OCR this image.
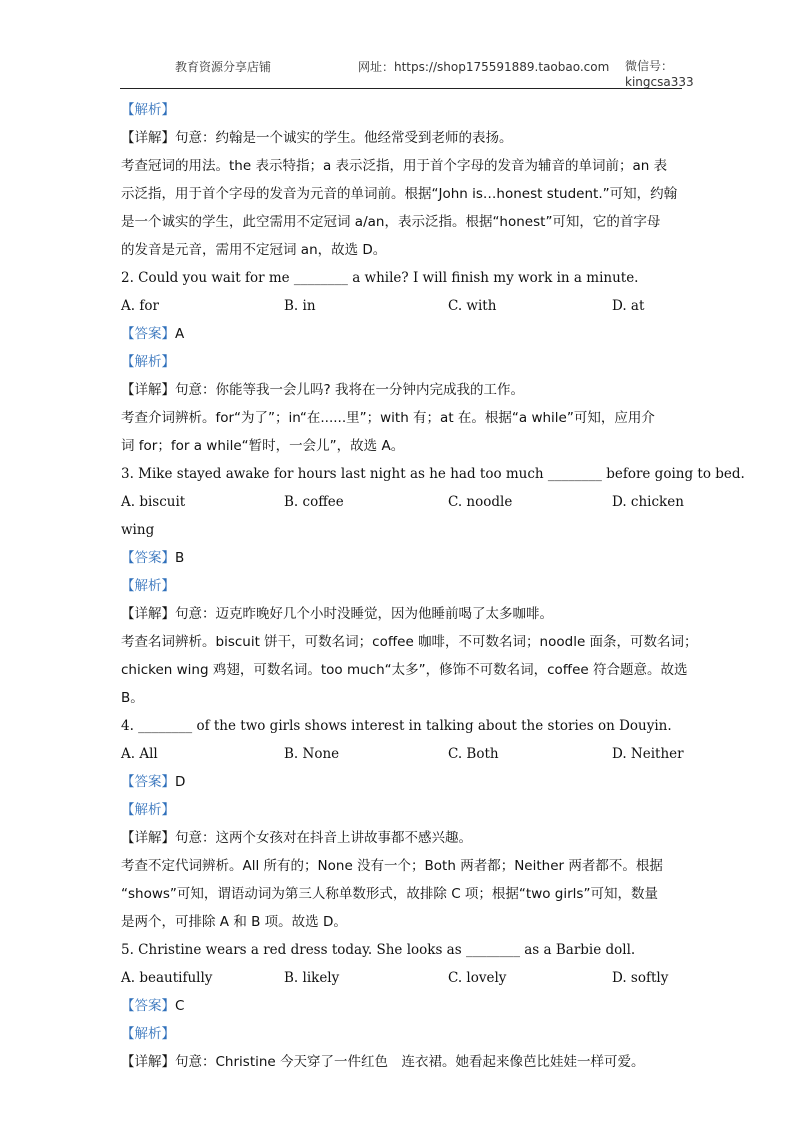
教育资源分享店铺	网址：https://shop175591889.taobao.com 微信号：
kingcsa333
【解析】
【详解】句意：约翰是一个诚实的学生。他经常受到老师的表扬。
考查冠词的用法。the 表示特指；a 表示泛指，用于首个字母的发音为辅音的单词前；an 表
示泛指，用于首个字母的发音为元音的单词前。根据“John is…honest student.”可知，约翰
是一个诚实的学生，此空需用不定冠词 a/an，表示泛指。根据“honest”可知，它的首字母
的发音是元音，需用不定冠词 an，故选 D。
2. Could you wait for me ________ a while? I will finish my work in a minute.
A. for	B. in	C. with	D. at
【答案】A
【解析】
【详解】句意：你能等我一会儿吗? 我将在一分钟内完成我的工作。
考查介词辨析。for“为了”；in“在......里”；with 有；at 在。根据“a while”可知，应用介
词 for；for a while“暂时，一会儿”，故选 A。
3. Mike stayed awake for hours last night as he had too much ________ before going to bed.
A. biscuit	B. coffee	C. noodle	D. chicken
wing
【答案】B
【解析】
【详解】句意：迈克昨晚好几个小时没睡觉，因为他睡前喝了太多咖啡。
考查名词辨析。biscuit 饼干，可数名词；coffee 咖啡，不可数名词；noodle 面条，可数名词；
chicken wing 鸡翅，可数名词。too much“太多”，修饰不可数名词，coffee 符合题意。故选
B。
4. ________ of the two girls shows interest in talking about the stories on Douyin.
A. All	B. None	C. Both	D. Neither
【答案】D
【解析】
【详解】句意：这两个女孩对在抖音上讲故事都不感兴趣。
考查不定代词辨析。All 所有的；None 没有一个；Both 两者都；Neither 两者都不。根据
“shows”可知，谓语动词为第三人称单数形式，故排除 C 项；根据“two girls”可知，数量
是两个，可排除 A 和 B 项。故选 D。
5. Christine wears a red dress today. She looks as ________ as a Barbie doll.
A. beautifully	B. likely	C. lovely	D. softly
【答案】C
【解析】
【详解】句意：Christine 今天穿了一件红色　连衣裙。她看起来像芭比娃娃一样可爱。
